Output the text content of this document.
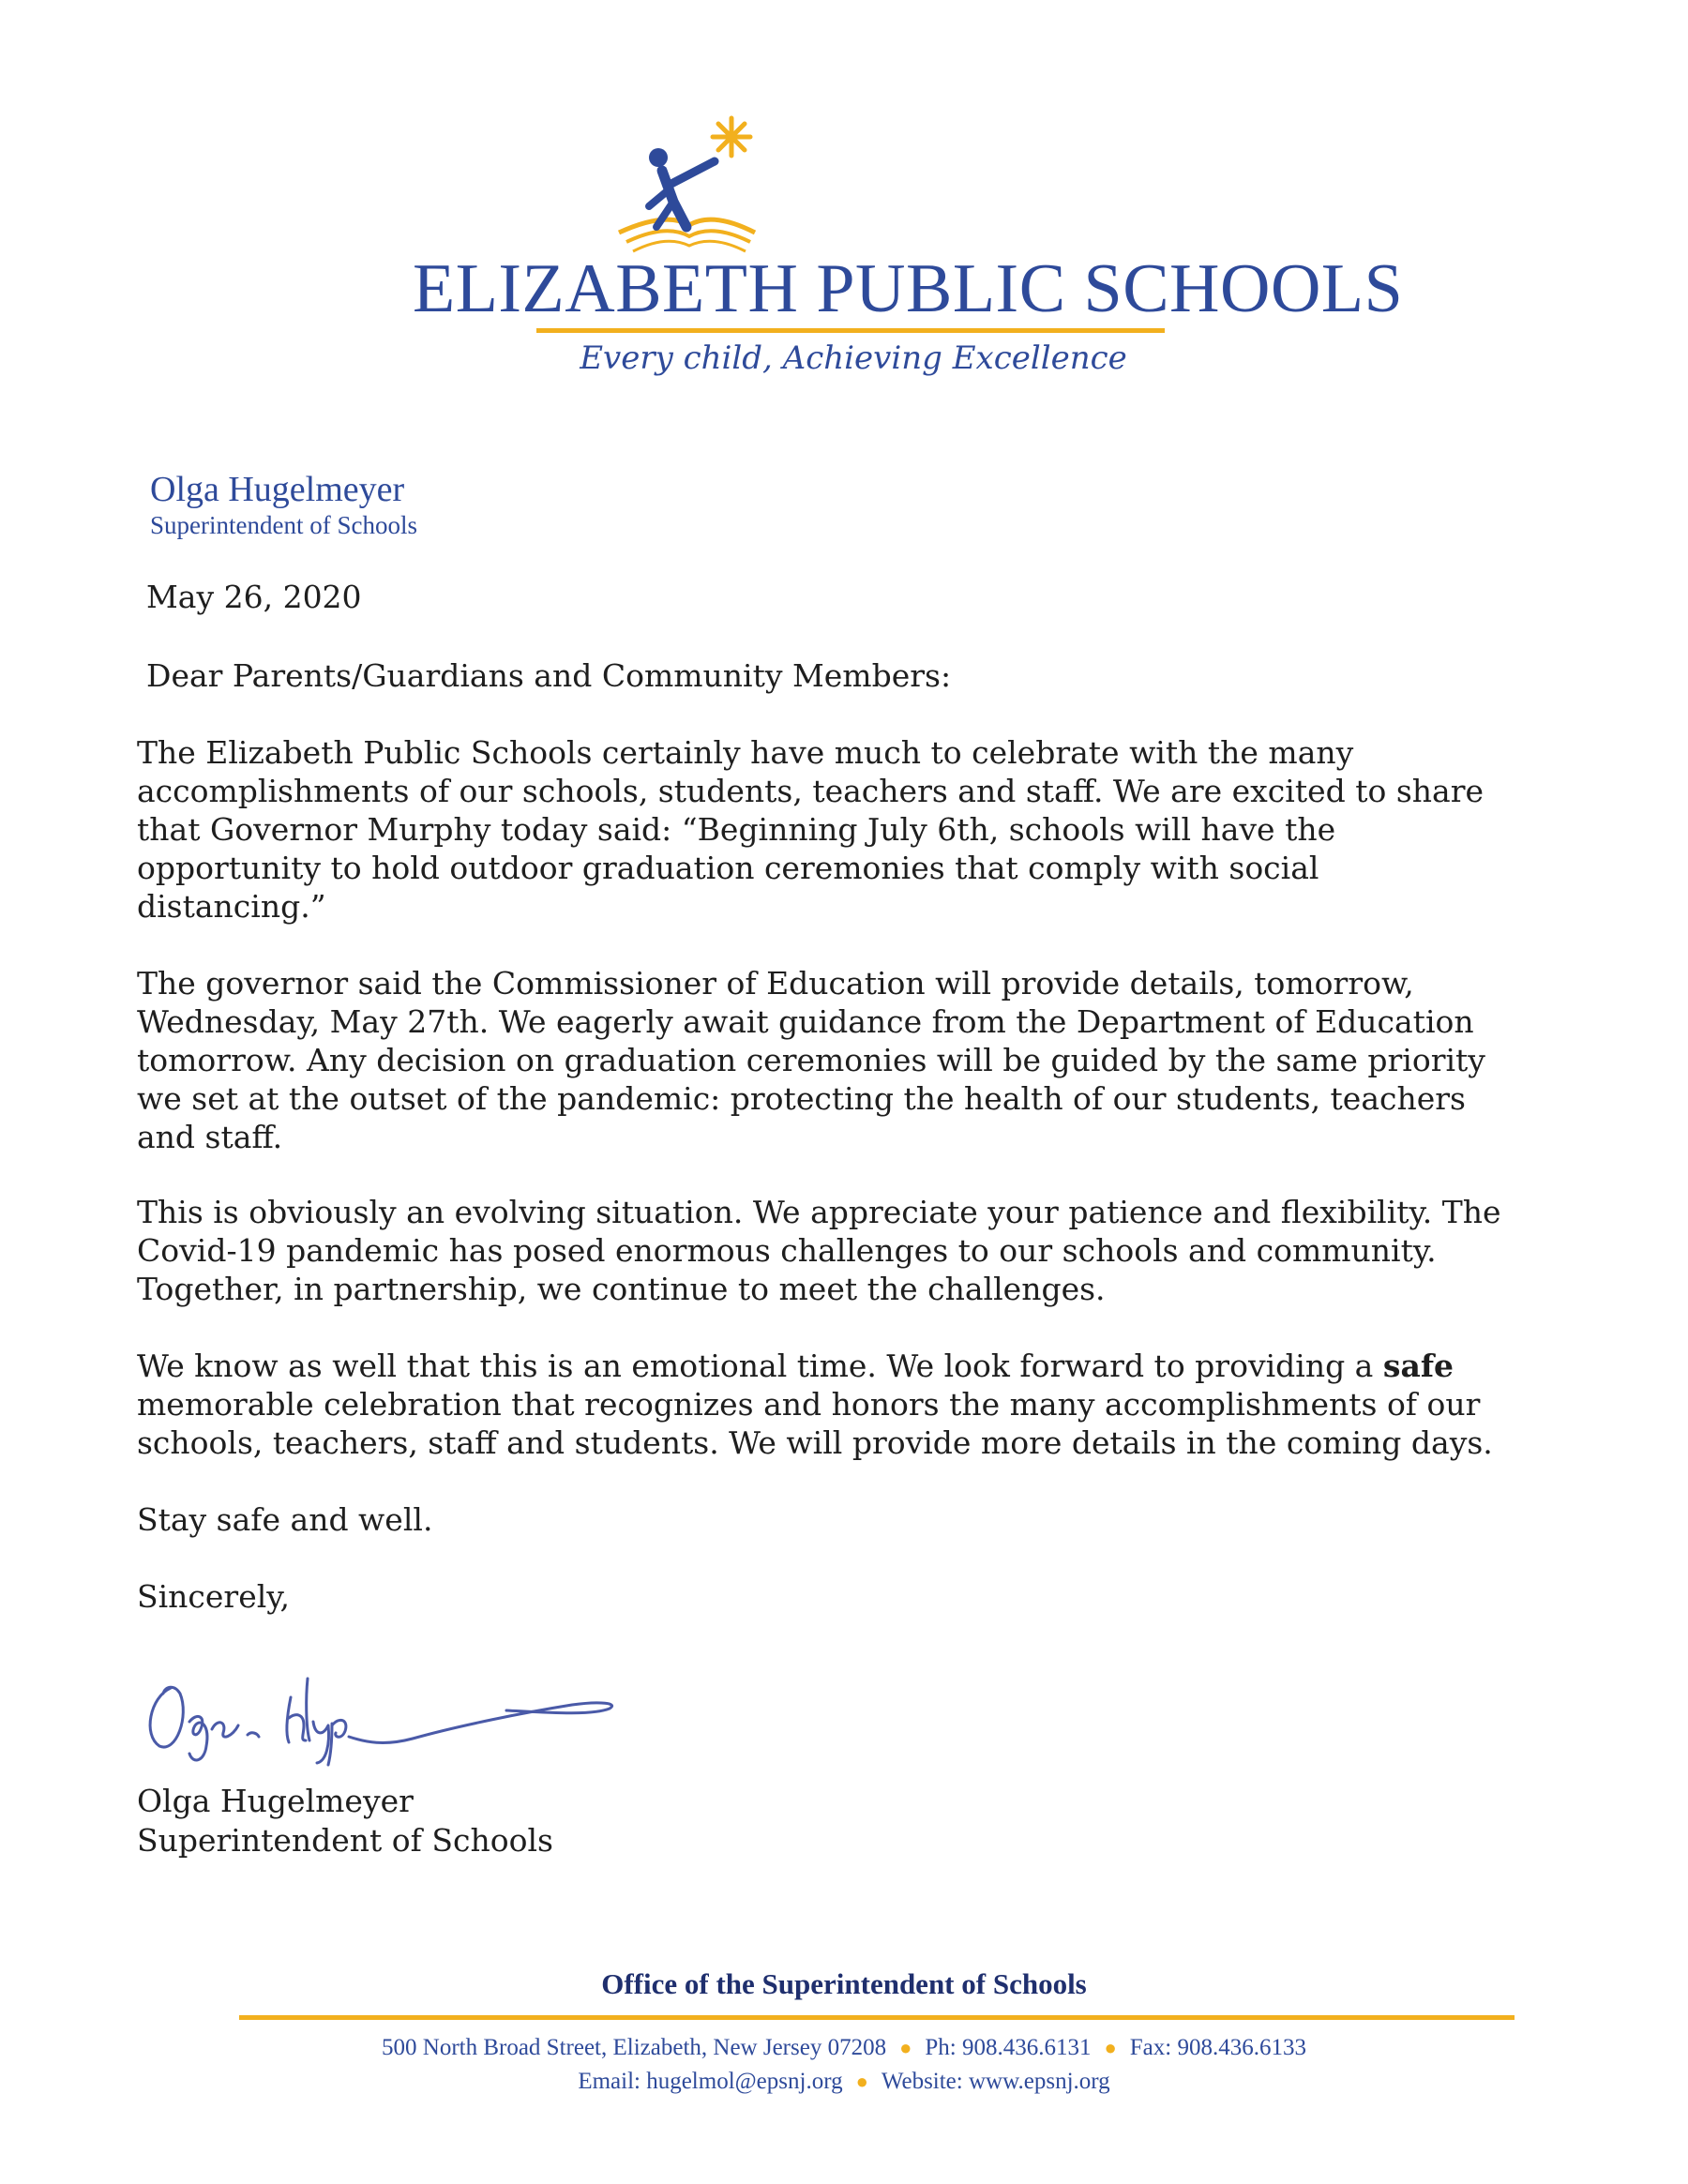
ELIZABETH PUBLIC SCHOOLS
Every child, Achieving Excellence
Olga Hugelmeyer
Superintendent of Schools
May 26, 2020
Dear Parents/Guardians and Community Members:
The Elizabeth Public Schools certainly have much to celebrate with the many
accomplishments of our schools, students, teachers and staff. We are excited to share
that Governor Murphy today said: “Beginning July 6th, schools will have the
opportunity to hold outdoor graduation ceremonies that comply with social
distancing.”
The governor said the Commissioner of Education will provide details, tomorrow,
Wednesday, May 27th. We eagerly await guidance from the Department of Education
tomorrow. Any decision on graduation ceremonies will be guided by the same priority
we set at the outset of the pandemic: protecting the health of our students, teachers
and staff.
This is obviously an evolving situation. We appreciate your patience and flexibility. The
Covid-19 pandemic has posed enormous challenges to our schools and community.
Together, in partnership, we continue to meet the challenges.
We know as well that this is an emotional time. We look forward to providing a safe
memorable celebration that recognizes and honors the many accomplishments of our
schools, teachers, staff and students. We will provide more details in the coming days.
Stay safe and well.
Sincerely,
Olga Hugelmeyer
Superintendent of Schools
Office of the Superintendent of Schools
500 North Broad Street, Elizabeth, New Jersey 07208 ● Ph: 908.436.6131 ● Fax: 908.436.6133
Email: hugelmol@epsnj.org ● Website: www.epsnj.org
